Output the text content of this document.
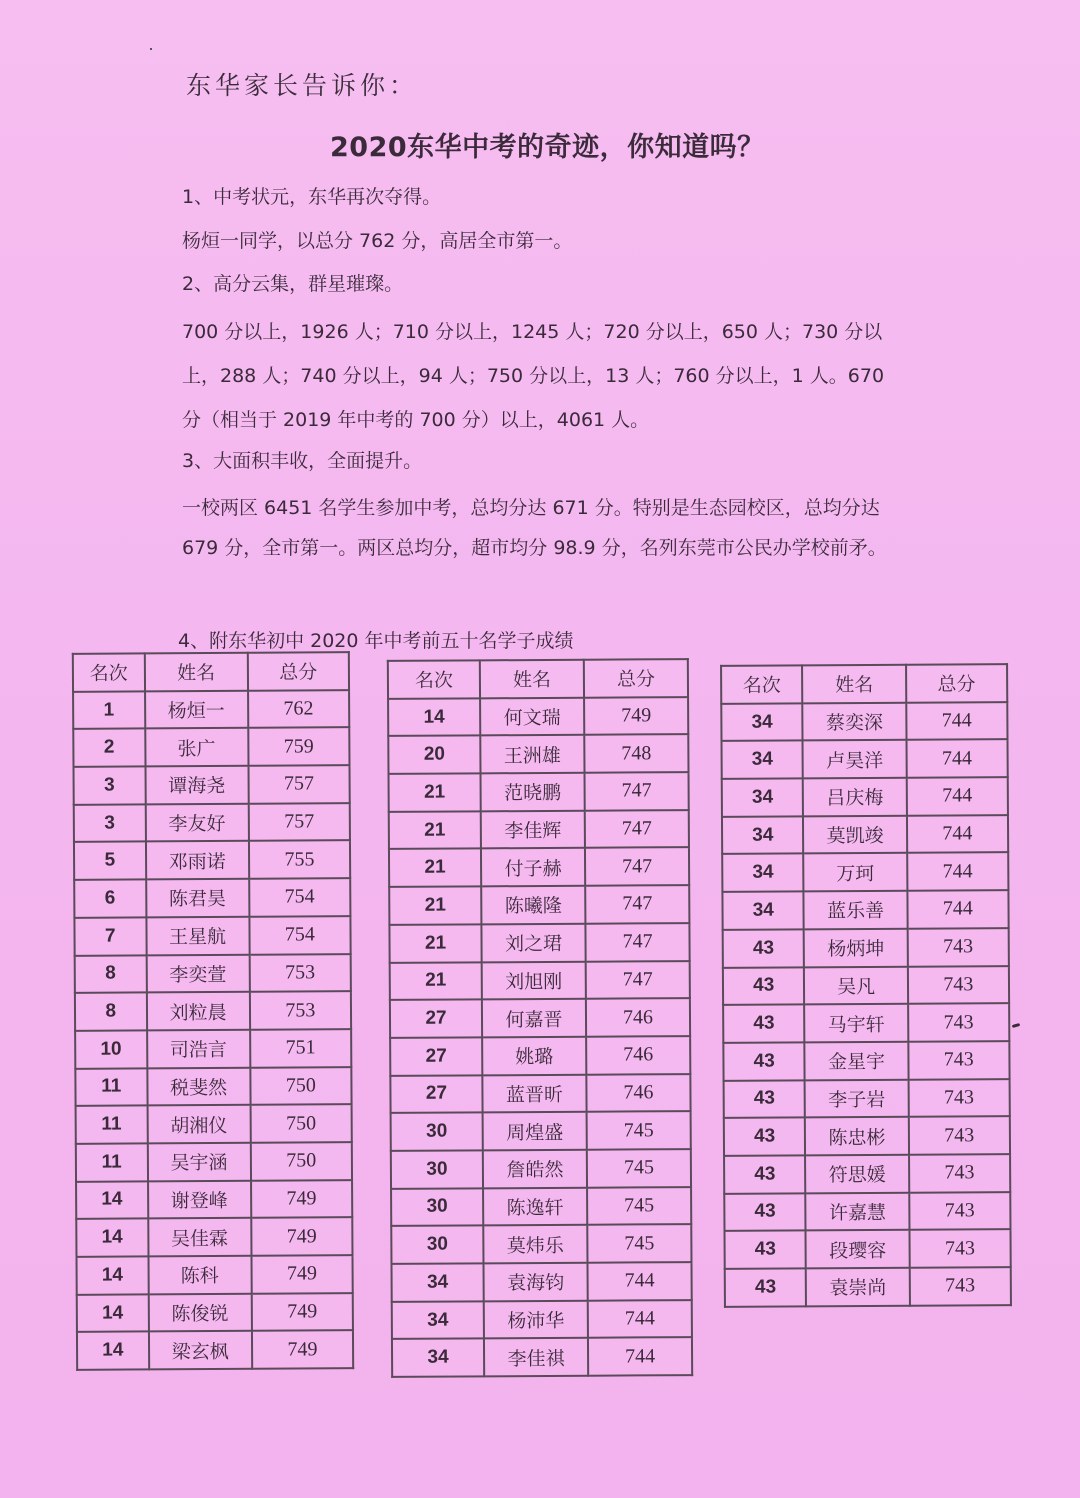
东华家长告诉你：
2020东华中考的奇迹，你知道吗？
1、中考状元，东华再次夺得。
杨烜一同学，以总分 762 分，高居全市第一。
2、高分云集，群星璀璨。
700 分以上，1926 人；710 分以上，1245 人；720 分以上，650 人；730 分以上，288 人；740 分以上，94 人；750 分以上，13 人；760 分以上，1 人。670 分（相当于 2019 年中考的 700 分）以上，4061 人。
3、大面积丰收，全面提升。
一校两区 6451 名学生参加中考，总均分达 671 分。特别是生态园校区，总均分达 679 分，全市第一。两区总均分，超市均分 98.9 分，名列东莞市公民办学校前矛。
4、附东华初中 2020 年中考前五十名学子成绩
名次	姓名	总分
1	杨烜一	762
2	张广	759
3	谭海尧	757
3	李友好	757
5	邓雨诺	755
6	陈君昊	754
7	王星航	754
8	李奕萱	753
8	刘粒晨	753
10	司浩言	751
11	税斐然	750
11	胡湘仪	750
11	吴宇涵	750
14	谢登峰	749
14	吴佳霖	749
14	陈科	749
14	陈俊锐	749
14	梁玄枫	749
名次	姓名	总分
14	何文瑞	749
20	王洲雄	748
21	范晓鹏	747
21	李佳辉	747
21	付子赫	747
21	陈曦隆	747
21	刘之珺	747
21	刘旭刚	747
27	何嘉晋	746
27	姚璐	746
27	蓝晋昕	746
30	周煌盛	745
30	詹皓然	745
30	陈逸轩	745
30	莫炜乐	745
34	袁海钧	744
34	杨沛华	744
34	李佳祺	744
名次	姓名	总分
34	蔡奕深	744
34	卢昊洋	744
34	吕庆梅	744
34	莫凯竣	744
34	万珂	744
34	蓝乐善	744
43	杨炳坤	743
43	吴凡	743
43	马宇轩	743
43	金星宇	743
43	李子岩	743
43	陈忠彬	743
43	符思媛	743
43	许嘉慧	743
43	段璎容	743
43	袁崇尚	743
